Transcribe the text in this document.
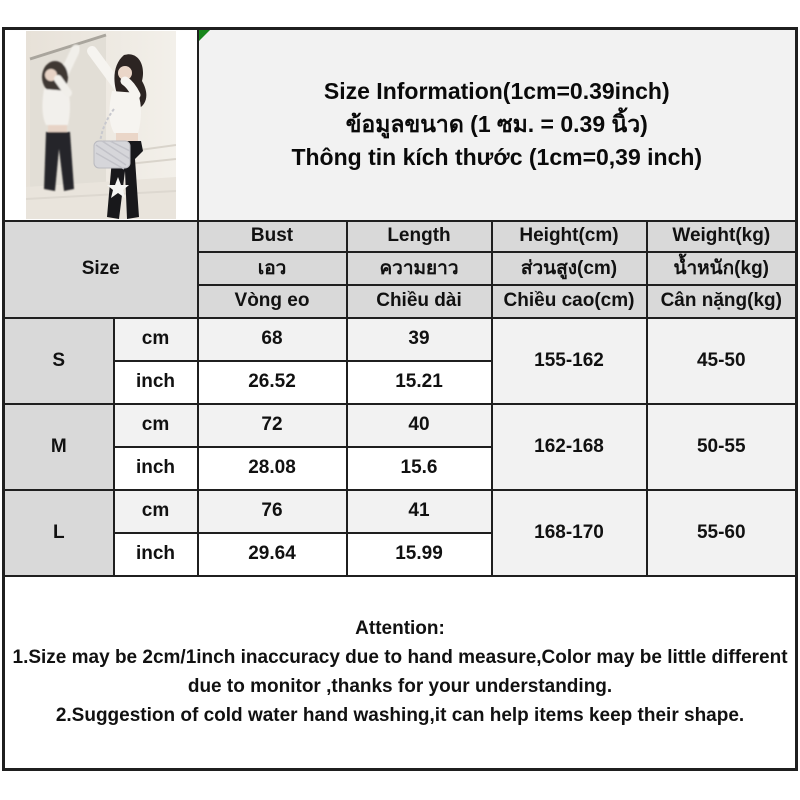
Size Information(1cm=0.39inch)
ข้อมูลขนาด (1 ซม. = 0.39 นิ้ว)
Thông tin kích thước (1cm=0,39 inch)			

Size		Bust	Length	Height(cm)	Weight(kg)
		เอว	ความยาว	ส่วนสูง(cm)	น้ำหนัก(kg)
		Vòng eo	Chiều dài	Chiều cao(cm)	Cân nặng(kg)
S	cm	68	39	155-162	45-50
	inch	26.52	15.21		
M	cm	72	40	162-168	50-55
	inch	28.08	15.6		
L	cm	76	41	168-170	55-60
	inch	29.64	15.99		

Attention:

1.Size may be 2cm/1inch inaccuracy due to hand measure,Color may be little different due to monitor ,thanks for your understanding.

2.Suggestion of cold water hand washing,it can help items keep their shape.					
